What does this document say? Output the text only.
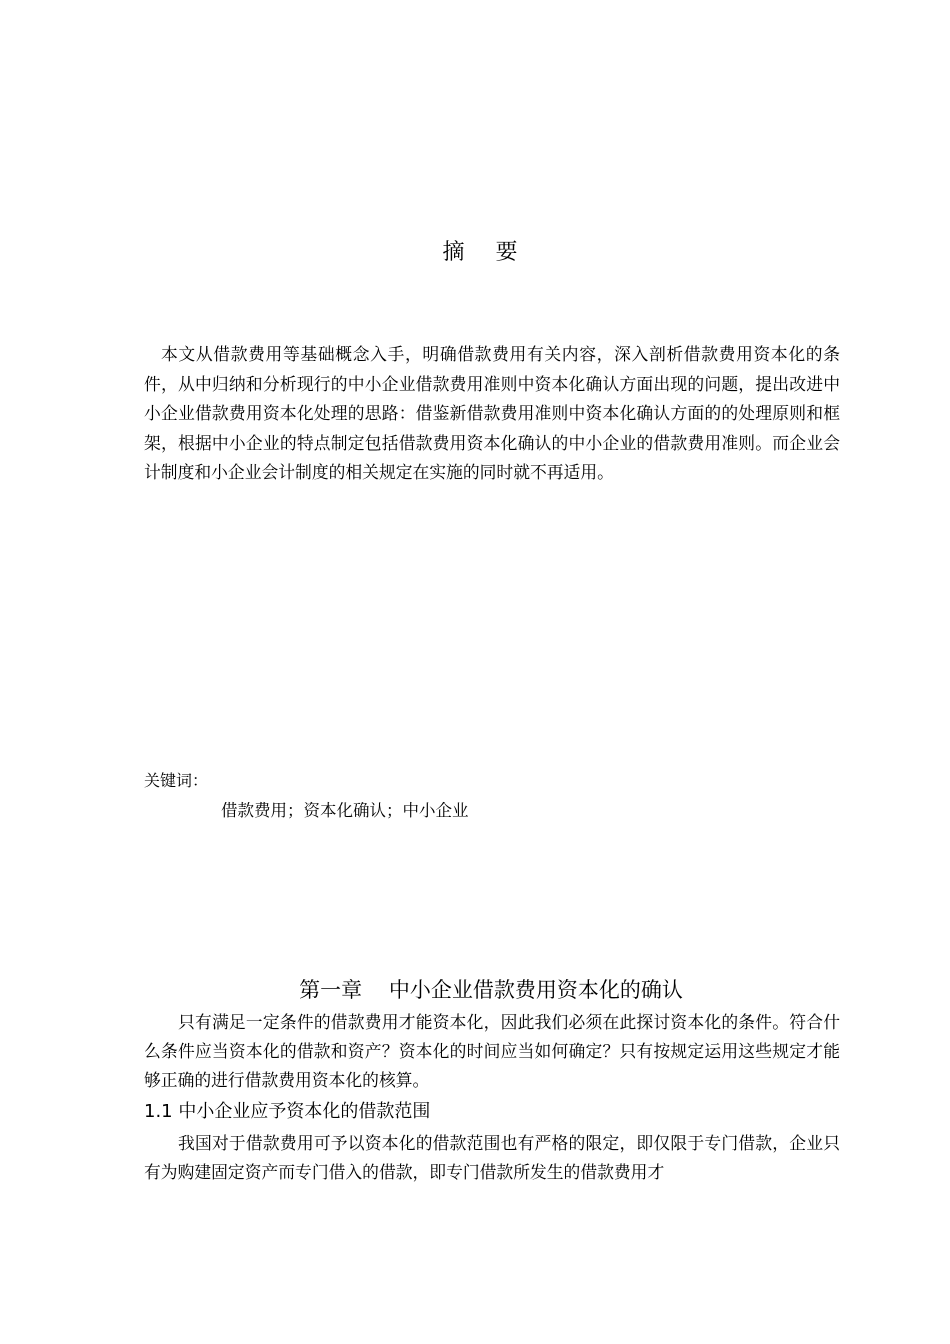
摘 要

本文从借款费用等基础概念入手，明确借款费用有关内容，深入剖析借款费用资本化的条件，从中归纳和分析现行的中小企业借款费用准则中资本化确认方面出现的问题，提出改进中小企业借款费用资本化处理的思路：借鉴新借款费用准则中资本化确认方面的的处理原则和框架，根据中小企业的特点制定包括借款费用资本化确认的中小企业的借款费用准则。而企业会计制度和小企业会计制度的相关规定在实施的同时就不再适用。

关键词：
借款费用；资本化确认；中小企业
第一章    中小企业借款费用资本化的确认

只有满足一定条件的借款费用才能资本化，因此我们必须在此探讨资本化的条件。符合什么条件应当资本化的借款和资产？资本化的时间应当如何确定？只有按规定运用这些规定才能够正确的进行借款费用资本化的核算。

1.1 中小企业应予资本化的借款范围

我国对于借款费用可予以资本化的借款范围也有严格的限定，即仅限于专门借款，企业只有为购建固定资产而专门借入的借款，即专门借款所发生的借款费用才
